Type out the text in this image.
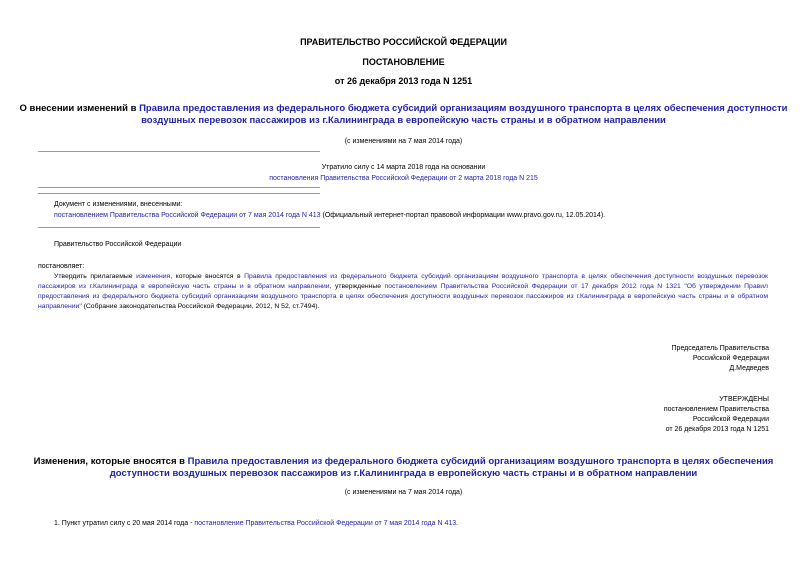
ПРАВИТЕЛЬСТВО РОССИЙСКОЙ ФЕДЕРАЦИИ
ПОСТАНОВЛЕНИЕ
от 26 декабря 2013 года N 1251
О внесении изменений в Правила предоставления из федерального бюджета субсидий организациям воздушного транспорта в целях обеспечения доступности
воздушных перевозок пассажиров из г.Калининграда в европейскую часть страны и в обратном направлении
(с изменениями на 7 мая 2014 года)
Утратило силу с 14 марта 2018 года на основании
постановления Правительства Российской Федерации от 2 марта 2018 года N 215
Документ с изменениями, внесенными:
постановлением Правительства Российской Федерации от 7 мая 2014 года N 413 (Официальный интернет-портал правовой информации www.pravo.gov.ru, 12.05.2014).
Правительство Российской Федерации
постановляет:
Утвердить прилагаемые изменения, которые вносятся в Правила предоставления из федерального бюджета субсидий организациям воздушного транспорта в целях обеспечения доступности воздушных перевозок пассажиров из г.Калининграда в европейскую часть страны и в обратном направлении, утвержденные постановлением Правительства Российской Федерации от 17 декабря 2012 года N 1321 "Об утверждении Правил предоставления из федерального бюджета субсидий организациям воздушного транспорта в целях обеспечения доступности воздушных перевозок пассажиров из г.Калининграда в европейскую часть страны и в обратном направлении" (Собрание законодательства Российской Федерации, 2012, N 52, ст.7494).
Председатель Правительства
Российской Федерации
Д.Медведев
УТВЕРЖДЕНЫ
постановлением Правительства
Российской Федерации
от 26 декабря 2013 года N 1251
Изменения, которые вносятся в Правила предоставления из федерального бюджета субсидий организациям воздушного транспорта в целях обеспечения
доступности воздушных перевозок пассажиров из г.Калининграда в европейскую часть страны и в обратном направлении
(с изменениями на 7 мая 2014 года)
1. Пункт утратил силу с 20 мая 2014 года - постановление Правительства Российской Федерации от 7 мая 2014 года N 413.
